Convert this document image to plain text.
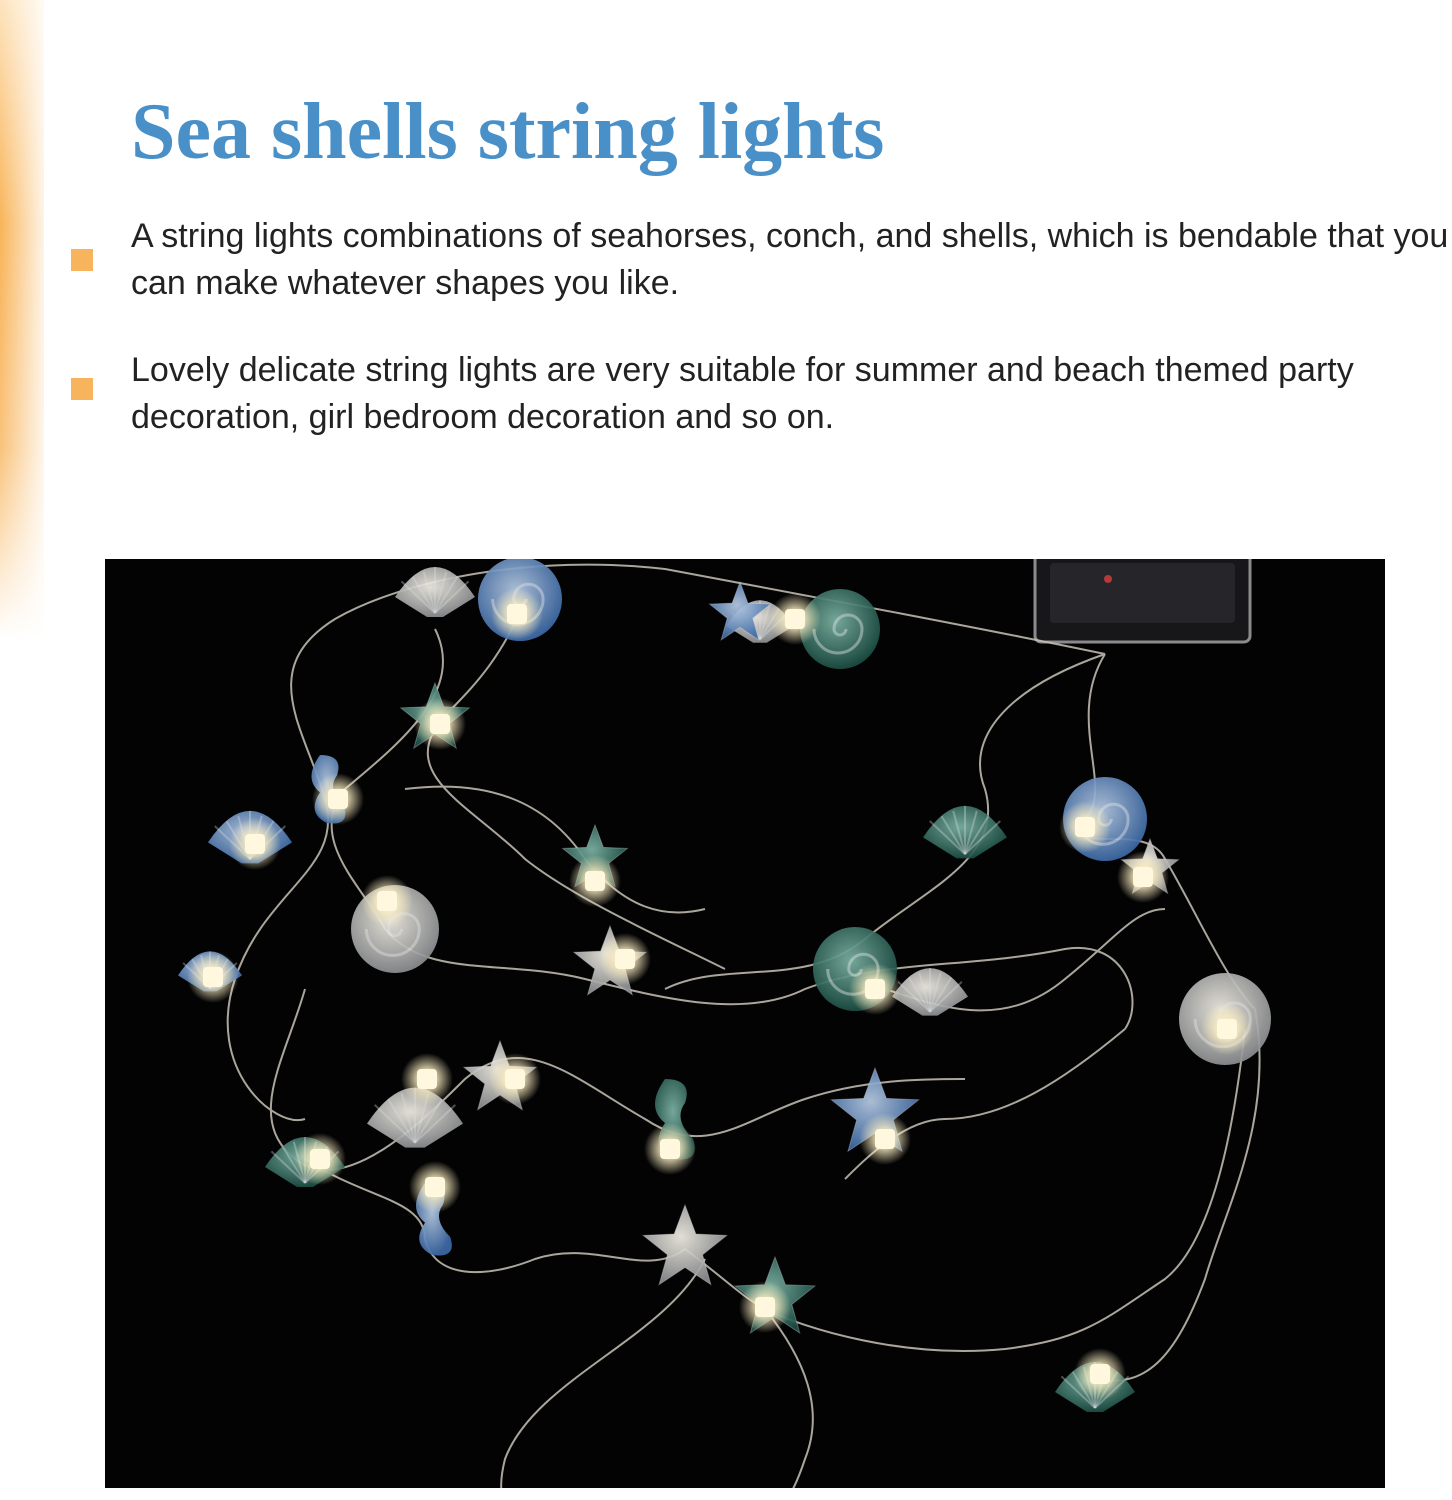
Sea shells string lights

A string lights combinations of seahorses, conch, and shells, which is bendable that you can make whatever shapes you like.

Lovely delicate string lights are very suitable for summer and beach themed party decoration, girl bedroom decoration and so on.
